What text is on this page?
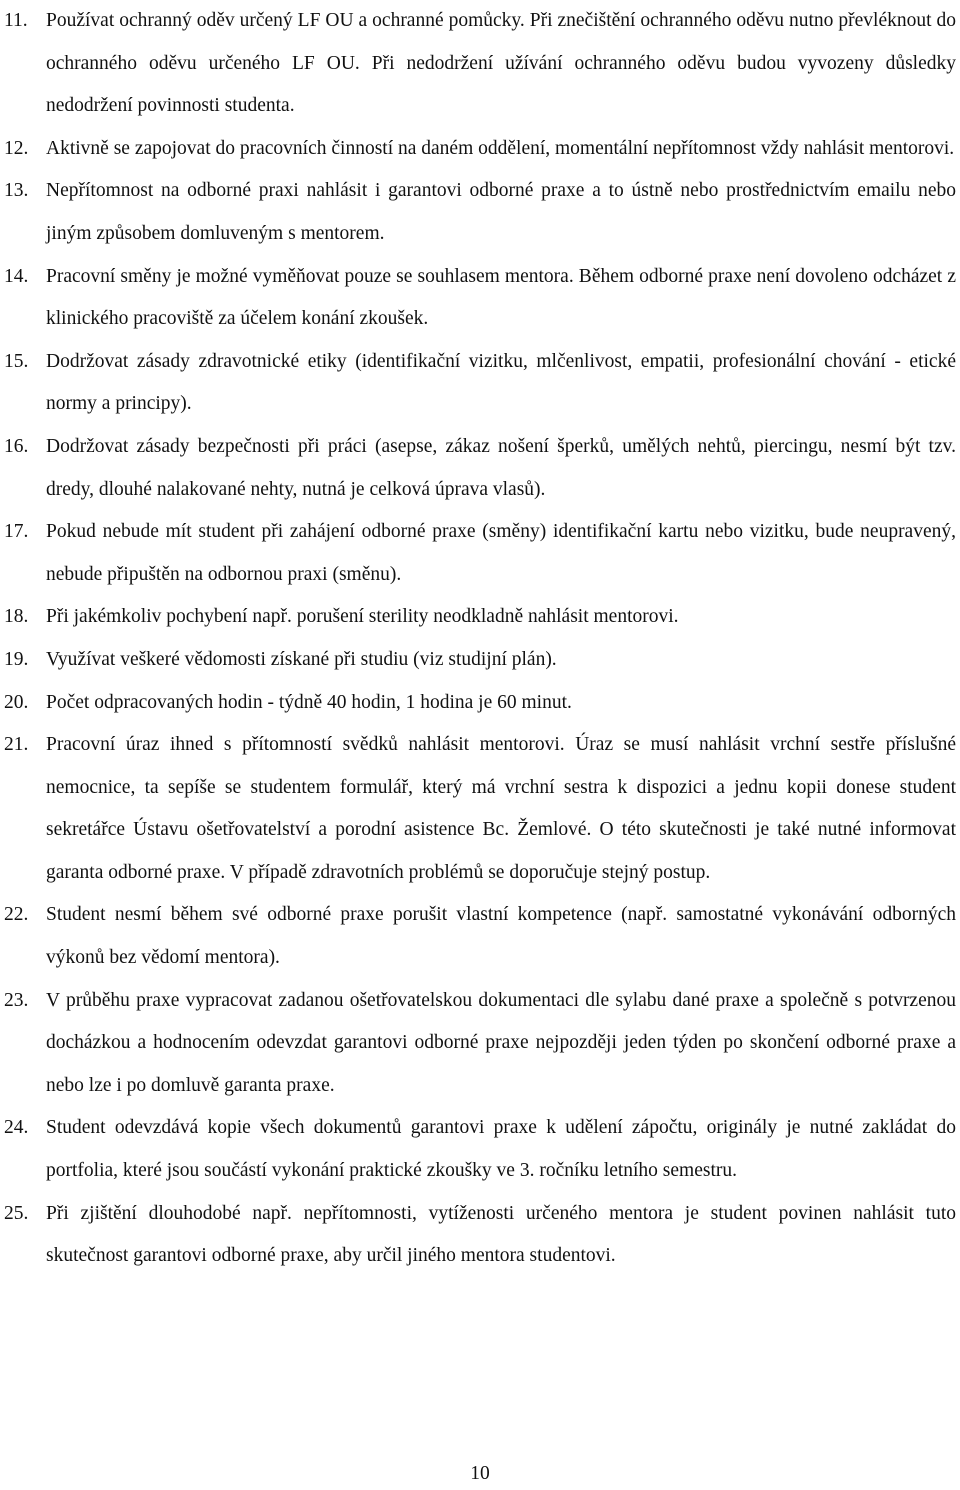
11. Používat ochranný oděv určený LF OU a ochranné pomůcky. Při znečištění ochranného oděvu nutno převléknout do ochranného oděvu určeného LF OU. Při nedodržení užívání ochranného oděvu budou vyvozeny důsledky nedodržení povinnosti studenta.
12. Aktivně se zapojovat do pracovních činností na daném oddělení, momentální nepřítomnost vždy nahlásit mentorovi.
13. Nepřítomnost na odborné praxi nahlásit i garantovi odborné praxe a to ústně nebo prostřednictvím emailu nebo jiným způsobem domluveným s mentorem.
14. Pracovní směny je možné vyměňovat pouze se souhlasem mentora. Během odborné praxe není dovoleno odcházet z klinického pracoviště za účelem konání zkoušek.
15. Dodržovat zásady zdravotnické etiky (identifikační vizitku, mlčenlivost, empatii, profesionální chování - etické normy a principy).
16. Dodržovat zásady bezpečnosti při práci (asepse, zákaz nošení šperků, umělých nehtů, piercingu, nesmí být tzv. dredy, dlouhé nalakované nehty, nutná je celková úprava vlasů).
17. Pokud nebude mít student při zahájení odborné praxe (směny) identifikační kartu nebo vizitku, bude neupravený, nebude připuštěn na odbornou praxi (směnu).
18. Při jakémkoliv pochybení např. porušení sterility neodkladně nahlásit mentorovi.
19. Využívat veškeré vědomosti získané při studiu (viz studijní plán).
20. Počet odpracovaných hodin - týdně 40 hodin, 1 hodina je 60 minut.
21. Pracovní úraz ihned s přítomností svědků nahlásit mentorovi. Úraz se musí nahlásit vrchní sestře příslušné nemocnice, ta sepíše se studentem formulář, který má vrchní sestra k dispozici a jednu kopii donese student sekretářce Ústavu ošetřovatelství a porodní asistence Bc. Žemlové. O této skutečnosti je také nutné informovat garanta odborné praxe. V případě zdravotních problémů se doporučuje stejný postup.
22. Student nesmí během své odborné praxe porušit vlastní kompetence (např. samostatné vykonávání odborných výkonů bez vědomí mentora).
23. V průběhu praxe vypracovat zadanou ošetřovatelskou dokumentaci dle sylabu dané praxe a společně s potvrzenou docházkou a hodnocením odevzdat garantovi odborné praxe nejpozději jeden týden po skončení odborné praxe a nebo lze i po domluvě garanta praxe.
24. Student odevzdává kopie všech dokumentů garantovi praxe k udělení zápočtu, originály je nutné zakládat do portfolia, které jsou součástí vykonání praktické zkoušky ve 3. ročníku letního semestru.
25. Při zjištění dlouhodobé např. nepřítomnosti, vytíženosti určeného mentora je student povinen nahlásit tuto skutečnost garantovi odborné praxe, aby určil jiného mentora studentovi.
10
